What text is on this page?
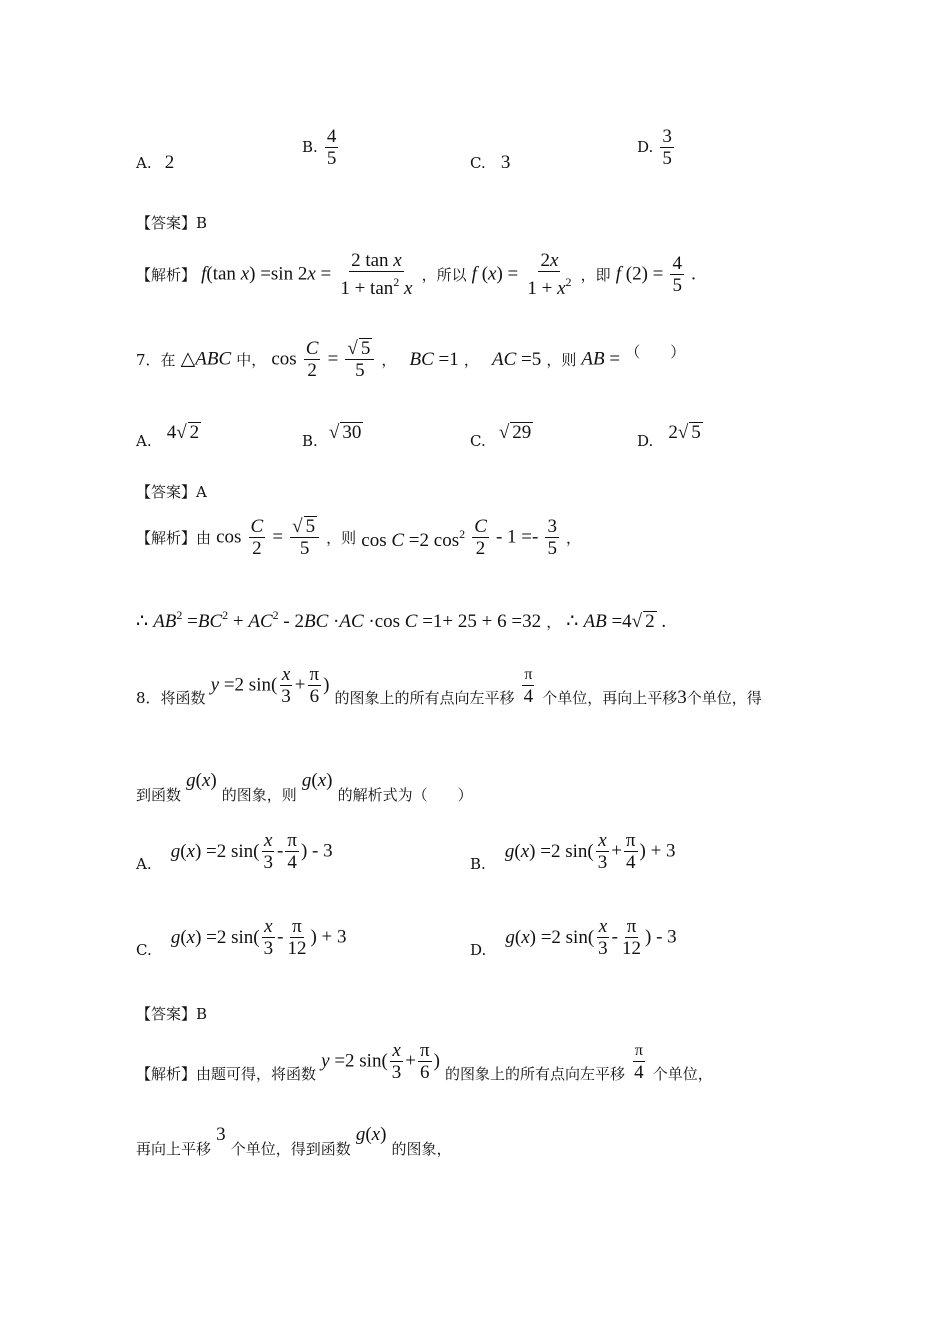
A. 2
B. $\frac{4}{5}$	C. 3
D. $\frac{3}{5}$
【答案】B
【解析】 f(tan x) =sin $2x = \frac{\text{2 tan x}}{1 + \tan^2 x}$ ，所以 f $(x) = \frac{2x}{1 + x^2}$ ，即 f $(2) = \frac{4}{5}$ .
7．在 △ABC 中， $\cos \frac{C}{2} = \frac{√ 5}{5}$ ， BC =1 ， AC =5 ，则 AB = （　　）
A. 4√ 2	B. √ 30	C. √ 29	D. 2√ 5
【答案】A
【解析】由 $\cos \frac{C}{2} = \frac{√ 5}{5}$ ，则 cos C =2 $\cos^2 \frac{C}{2} - 1 =- \frac{3}{5}$ ，
∴ $AB^2 =BC^2 + AC^2 - 2BC \cdot AC \cdot\cos$ C =1+ 25 + 6 =32 ， ∴ AB =4√ 2 .
8．将函数 y =2 $\sin( \frac{x}{3} + \frac{\pi}{6}$ ) 的图象上的所有点向左平移 $\frac{\pi}{4}$ 个单位，再向上平移3个单位，得
到函数 g(x) 的图象，则 g(x) 的解析式为（　　）
A. g(x) =2 $\sin( \frac{x}{3} - \frac{\pi}{4}$ ) - 3
B. g(x) =2 $\sin( \frac{x}{3} + \frac{\pi}{4}$ ) + 3
C. g(x) =2 $\sin( \frac{x}{3} - \frac{\pi}{12}$ ) + 3
D. g(x) =2 $\sin( \frac{x}{3} - \frac{\pi}{12}$ ) - 3
【答案】B
【解析】由题可得，将函数 y =2 $\sin( \frac{x}{3} + \frac{\pi}{6}$ ) 的图象上的所有点向左平移 $\frac{\pi}{4}$ 个单位，
再向上平移 3 个单位，得到函数 g(x) 的图象，
